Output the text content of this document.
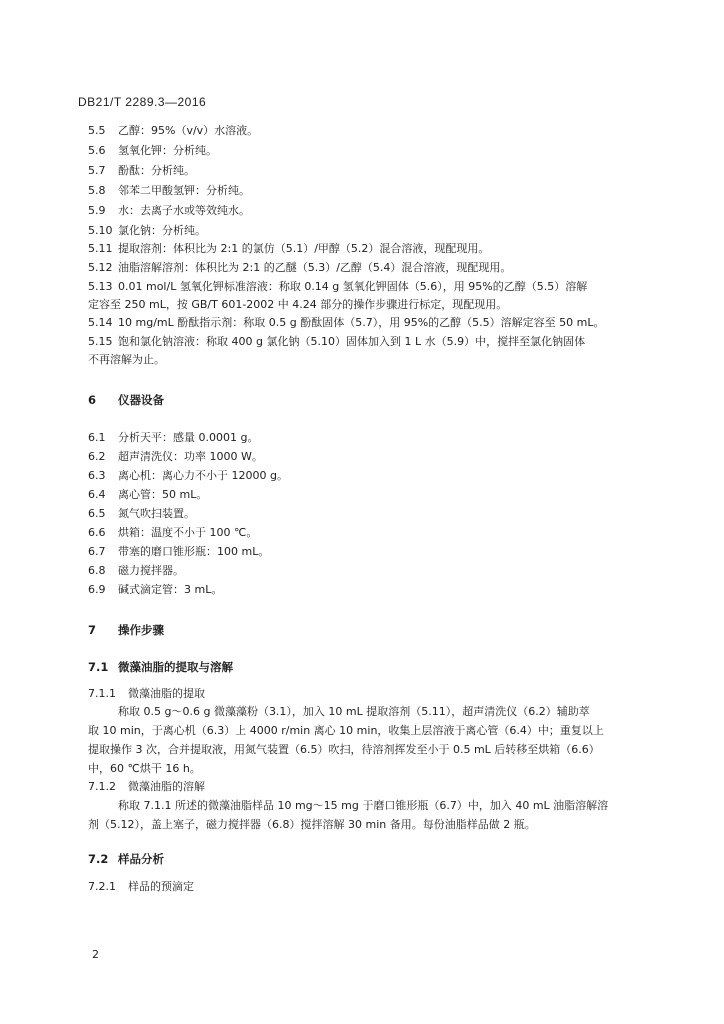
DB21/T 2289.3—2016
5.5 乙醇：95%（v/v）水溶液。
5.6 氢氧化钾：分析纯。
5.7 酚酞：分析纯。
5.8 邻苯二甲酸氢钾：分析纯。
5.9 水：去离子水或等效纯水。
5.10 氯化钠：分析纯。
5.11 提取溶剂：体积比为 2:1 的氯仿（5.1）/甲醇（5.2）混合溶液，现配现用。
5.12 油脂溶解溶剂：体积比为 2:1 的乙醚（5.3）/乙醇（5.4）混合溶液，现配现用。
5.13 0.01 mol/L 氢氧化钾标准溶液：称取 0.14 g 氢氧化钾固体（5.6），用 95%的乙醇（5.5）溶解
定容至 250 mL，按 GB/T 601-2002 中 4.24 部分的操作步骤进行标定，现配现用。
5.14 10 mg/mL 酚酞指示剂：称取 0.5 g 酚酞固体（5.7），用 95%的乙醇（5.5）溶解定容至 50 mL。
5.15 饱和氯化钠溶液：称取 400 g 氯化钠（5.10）固体加入到 1 L 水（5.9）中，搅拌至氯化钠固体
不再溶解为止。
6 仪器设备
6.1 分析天平：感量 0.0001 g。
6.2 超声清洗仪：功率 1000 W。
6.3 离心机：离心力不小于 12000 g。
6.4 离心管：50 mL。
6.5 氮气吹扫装置。
6.6 烘箱：温度不小于 100 ℃。
6.7 带塞的磨口锥形瓶：100 mL。
6.8 磁力搅拌器。
6.9 碱式滴定管：3 mL。
7 操作步骤
7.1 微藻油脂的提取与溶解
7.1.1 微藻油脂的提取
称取 0.5 g～0.6 g 微藻藻粉（3.1），加入 10 mL 提取溶剂（5.11），超声清洗仪（6.2）辅助萃
取 10 min，于离心机（6.3）上 4000 r/min 离心 10 min，收集上层溶液于离心管（6.4）中；重复以上
提取操作 3 次，合并提取液，用氮气装置（6.5）吹扫，待溶剂挥发至小于 0.5 mL 后转移至烘箱（6.6）
中，60 ℃烘干 16 h。
7.1.2 微藻油脂的溶解
称取 7.1.1 所述的微藻油脂样品 10 mg～15 mg 于磨口锥形瓶（6.7）中，加入 40 mL 油脂溶解溶
剂（5.12），盖上塞子，磁力搅拌器（6.8）搅拌溶解 30 min 备用。每份油脂样品做 2 瓶。
7.2 样品分析
7.2.1 样品的预滴定
2
